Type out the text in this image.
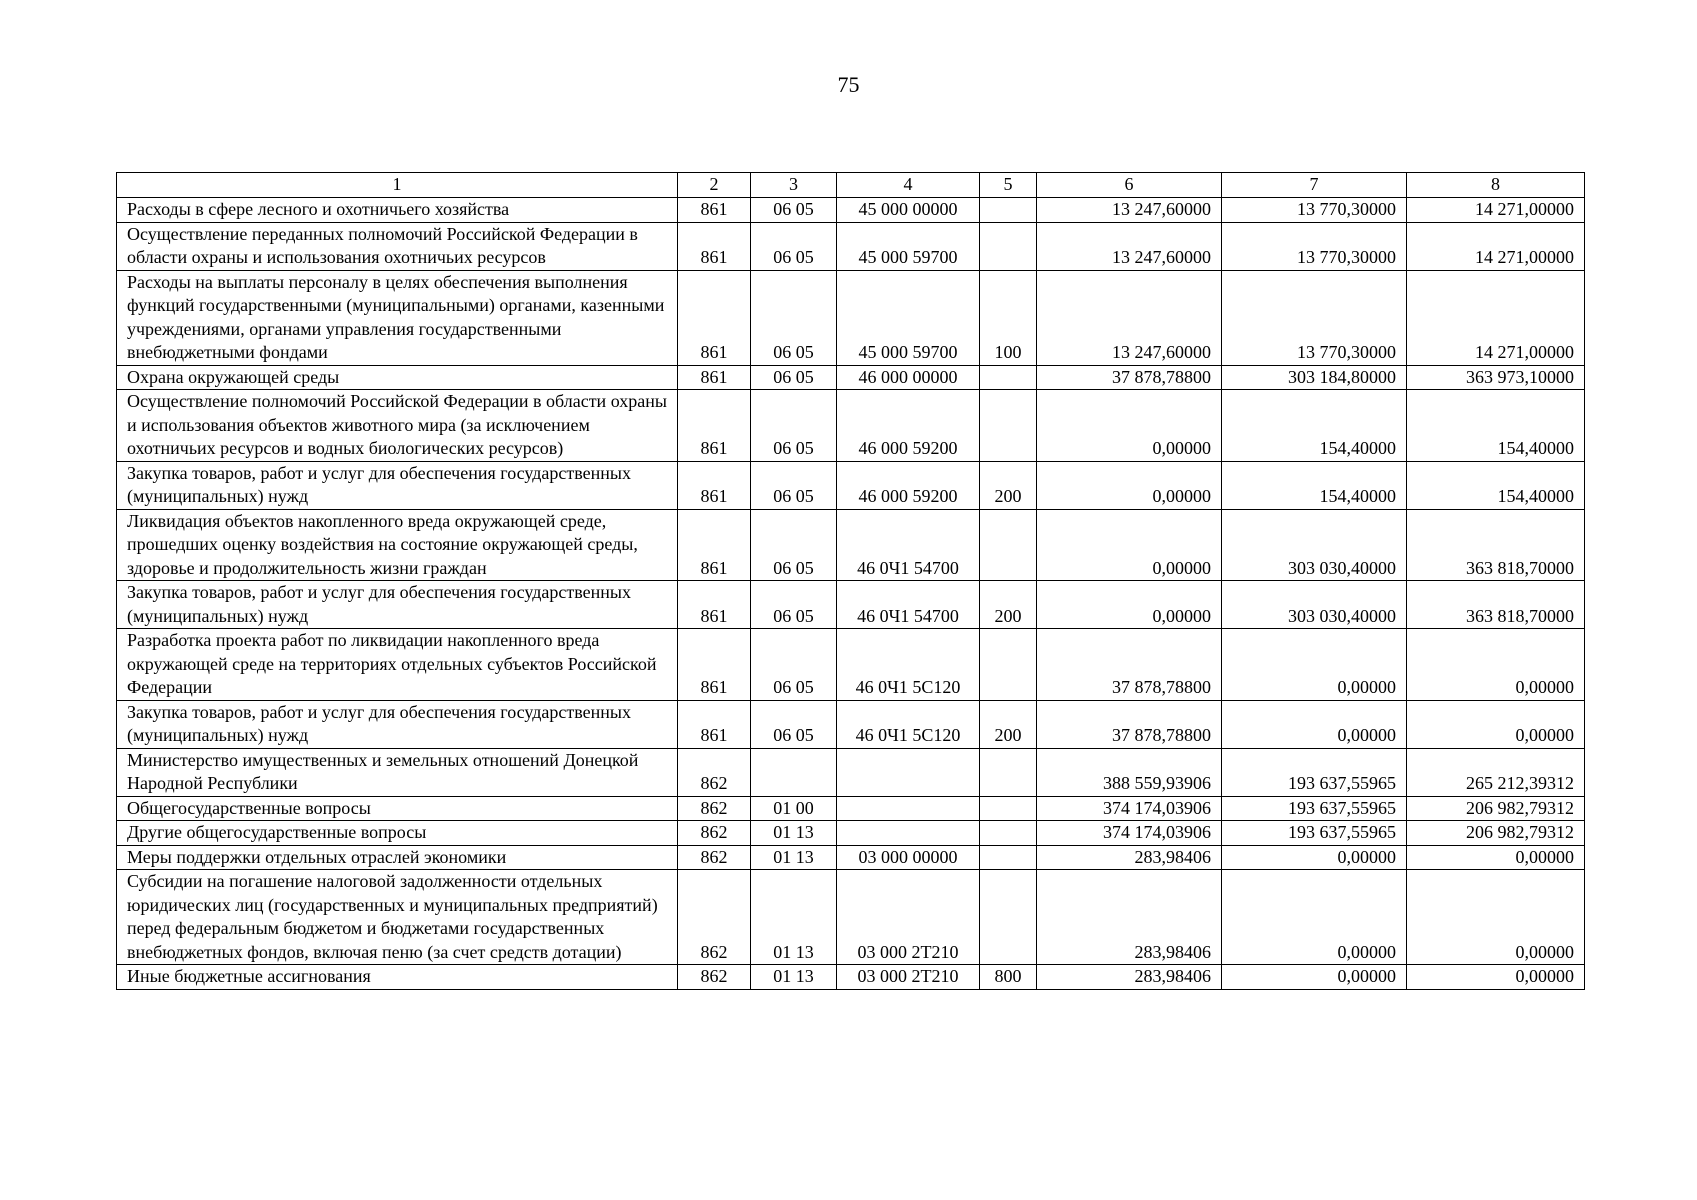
75
1	2	3	4	5	6	7	8
Расходы в сфере лесного и охотничьего хозяйства	861	06 05	45 000 00000		13 247,60000	13 770,30000	14 271,00000
Осуществление переданных полномочий Российской Федерации в области охраны и использования охотничьих ресурсов	861	06 05	45 000 59700		13 247,60000	13 770,30000	14 271,00000
Расходы на выплаты персоналу в целях обеспечения выполнения функций государственными (муниципальными) органами, казенными учреждениями, органами управления государственными внебюджетными фондами	861	06 05	45 000 59700	100	13 247,60000	13 770,30000	14 271,00000
Охрана окружающей среды	861	06 05	46 000 00000		37 878,78800	303 184,80000	363 973,10000
Осуществление полномочий Российской Федерации в области охраны и использования объектов животного мира (за исключением охотничьих ресурсов и водных биологических ресурсов)	861	06 05	46 000 59200		0,00000	154,40000	154,40000
Закупка товаров, работ и услуг для обеспечения государственных (муниципальных) нужд	861	06 05	46 000 59200	200	0,00000	154,40000	154,40000
Ликвидация объектов накопленного вреда окружающей среде, прошедших оценку воздействия на состояние окружающей среды, здоровье и продолжительность жизни граждан	861	06 05	46 0Ч1 54700		0,00000	303 030,40000	363 818,70000
Закупка товаров, работ и услуг для обеспечения государственных (муниципальных) нужд	861	06 05	46 0Ч1 54700	200	0,00000	303 030,40000	363 818,70000
Разработка проекта работ по ликвидации накопленного вреда окружающей среде на территориях отдельных субъектов Российской Федерации	861	06 05	46 0Ч1 5С120		37 878,78800	0,00000	0,00000
Закупка товаров, работ и услуг для обеспечения государственных (муниципальных) нужд	861	06 05	46 0Ч1 5С120	200	37 878,78800	0,00000	0,00000
Министерство имущественных и земельных отношений Донецкой Народной Республики	862				388 559,93906	193 637,55965	265 212,39312
Общегосударственные вопросы	862	01 00			374 174,03906	193 637,55965	206 982,79312
Другие общегосударственные вопросы	862	01 13			374 174,03906	193 637,55965	206 982,79312
Меры поддержки отдельных отраслей экономики	862	01 13	03 000 00000		283,98406	0,00000	0,00000
Субсидии на погашение налоговой задолженности отдельных юридических лиц (государственных и муниципальных предприятий) перед федеральным бюджетом и бюджетами государственных внебюджетных фондов, включая пеню (за счет средств дотации)	862	01 13	03 000 2Т210		283,98406	0,00000	0,00000
Иные бюджетные ассигнования	862	01 13	03 000 2Т210	800	283,98406	0,00000	0,00000
